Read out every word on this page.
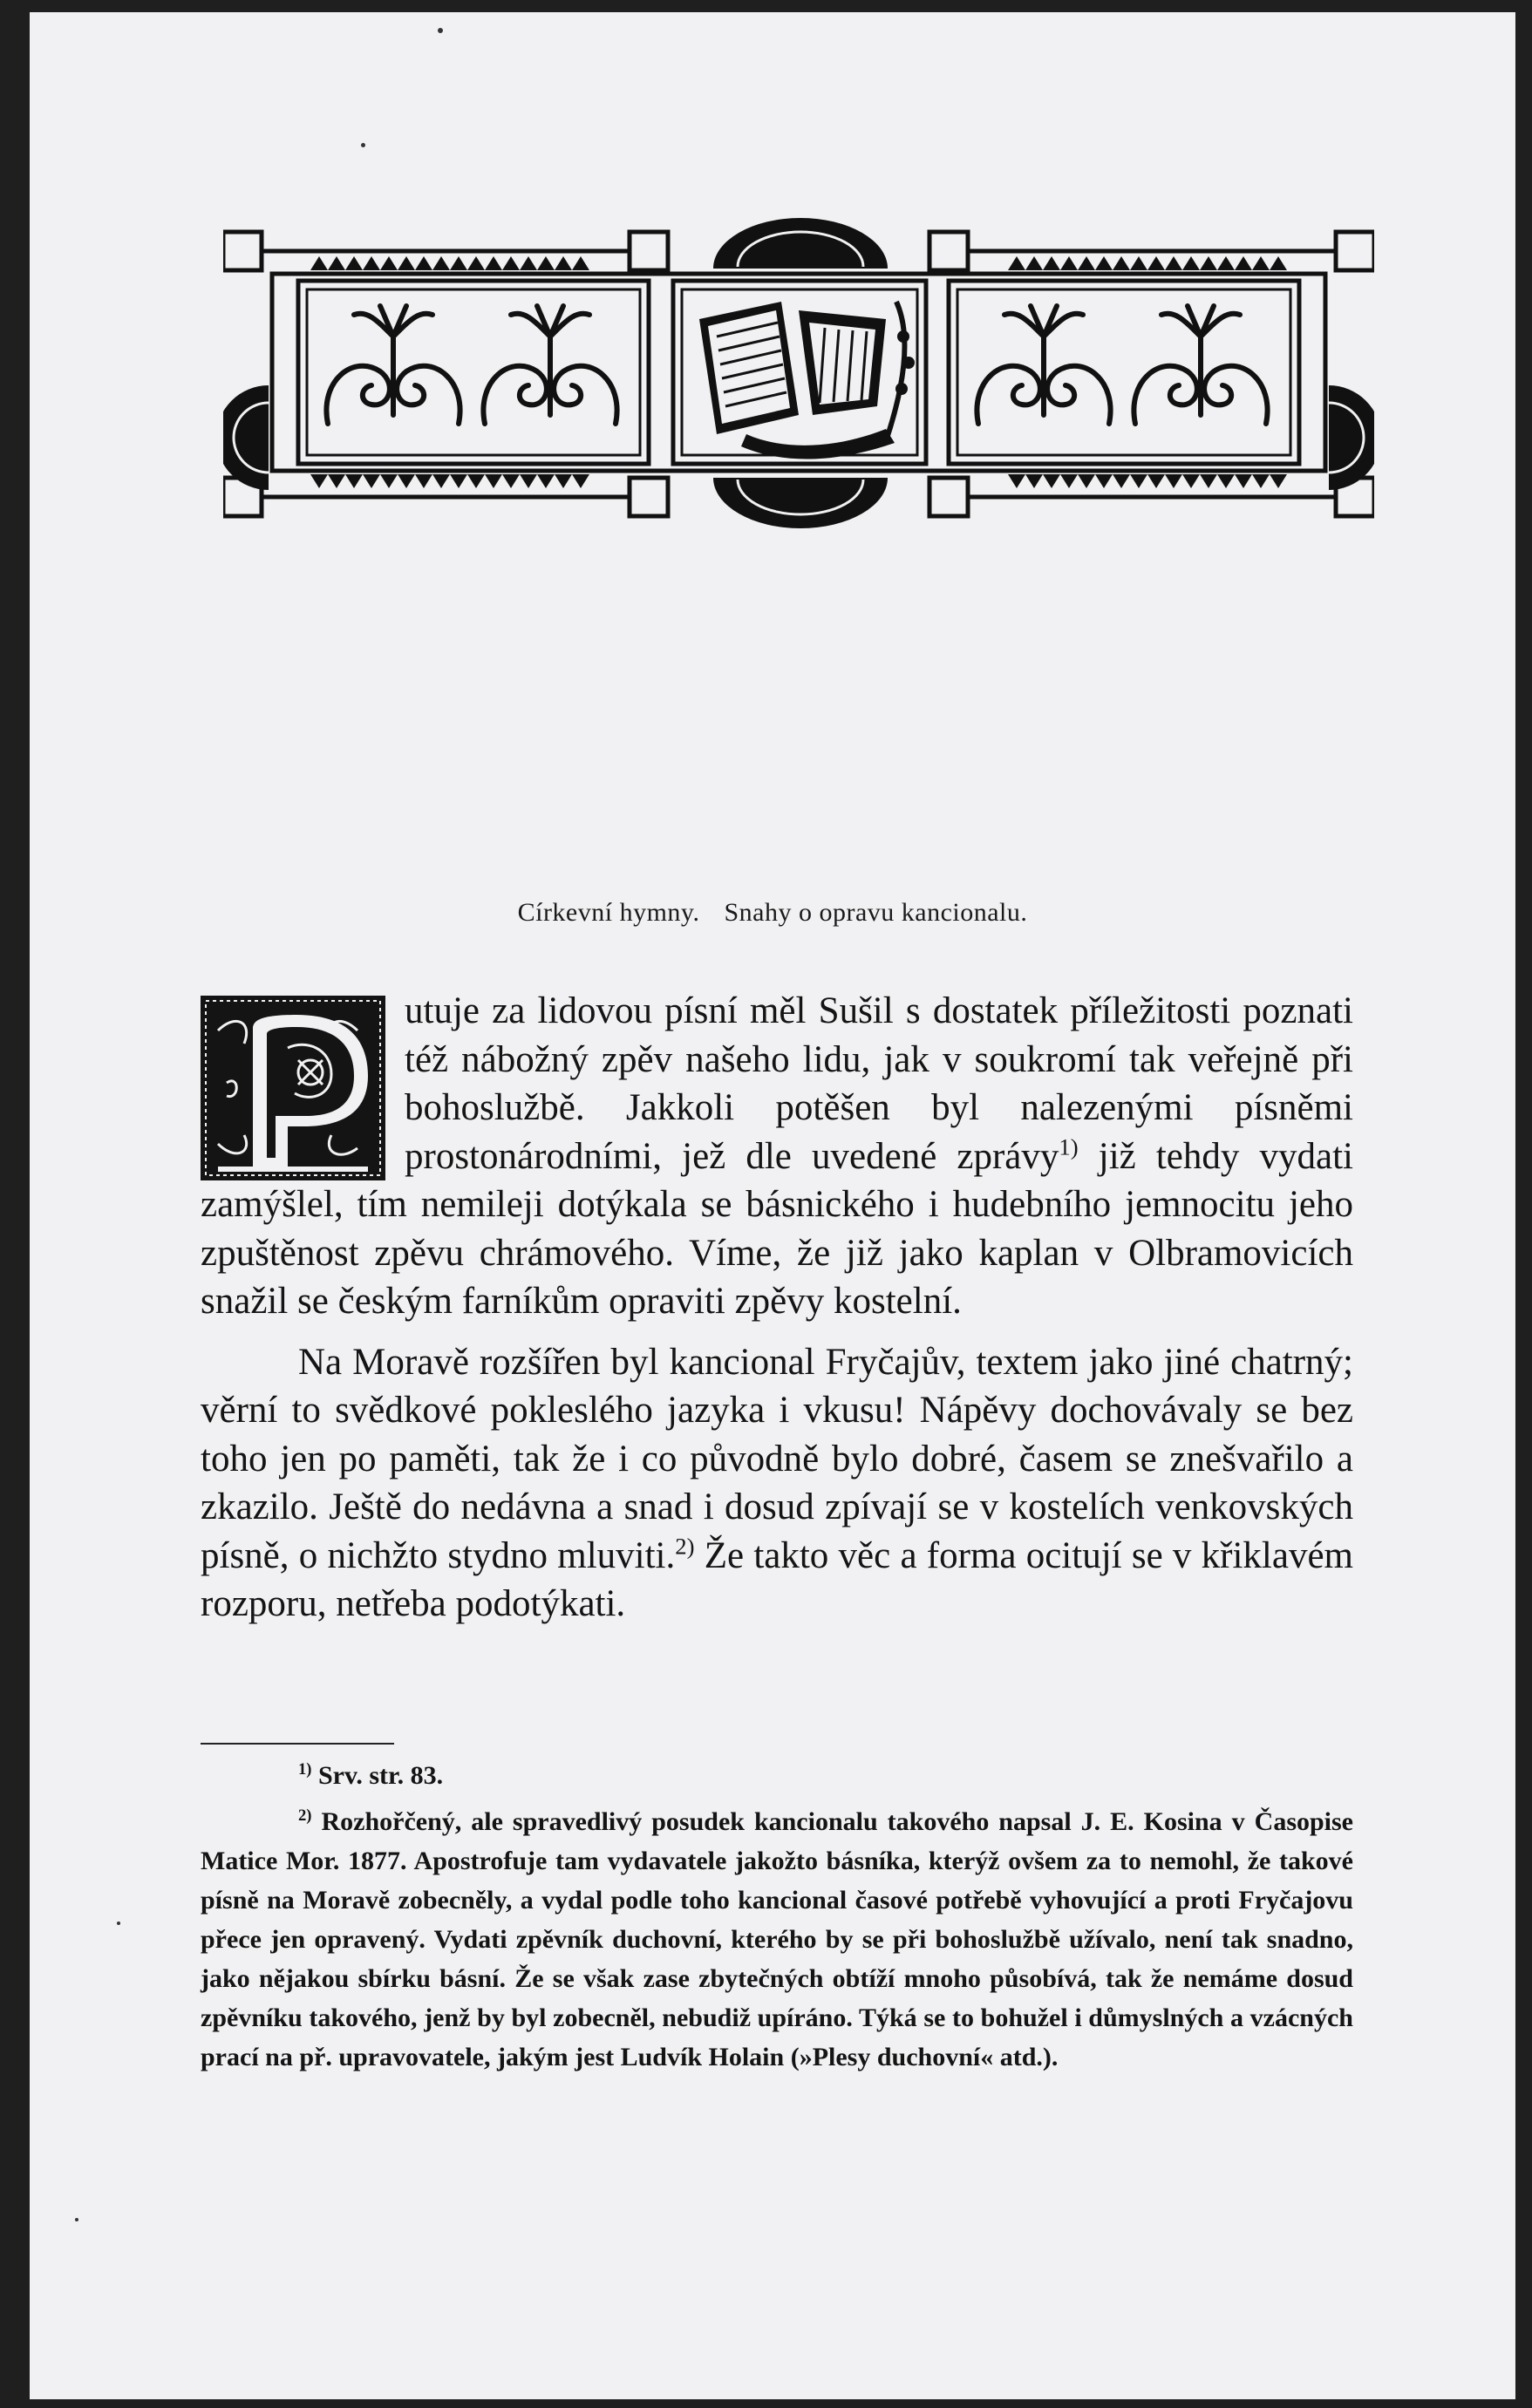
Církevní hymny. Snahy o opravu kancionalu.

utuje za lidovou písní měl Sušil s dostatek příležitosti poznati též nábožný zpěv našeho lidu, jak v soukromí tak veřejně při bohoslužbě. Jakkoli potěšen byl nalezenými písněmi prostonárodními, jež dle uvedené zprávy$^{1)}$ již tehdy vydati zamýšlel, tím nemileji dotýkala se básnického i hudebního jemnocitu jeho zpuštěnost zpěvu chrámového. Víme, že již jako kaplan v Olbramovicích snažil se českým farníkům opraviti zpěvy kostelní.

Na Moravě rozšířen byl kancional Fryčajův, textem jako jiné chatrný; věrní to svědkové pokleslého jazyka i vkusu! Nápěvy dochovávaly se bez toho jen po paměti, tak že i co původně bylo dobré, časem se znešvařilo a zkazilo. Ještě do nedávna a snad i dosud zpívají se v kostelích venkovských písně, o nichžto stydno mluviti.$^{2)}$ Že takto věc a forma ocitují se v křiklavém rozporu, netřeba podotýkati.

$^{1)}$ Srv. str. 83.

$^{2)}$ Rozhořčený, ale spravedlivý posudek kancionalu takového napsal J. E. Kosina v Časopise Matice Mor. 1877. Apostrofuje tam vydavatele jakožto básníka, kterýž ovšem za to nemohl, že takové písně na Moravě zobecněly, a vydal podle toho kancional časové potřebě vyhovující a proti Fryčajovu přece jen opravený. Vydati zpěvník duchovní, kterého by se při bohoslužbě užívalo, není tak snadno, jako nějakou sbírku básní. Že se však zase zbytečných obtíží mnoho působívá, tak že nemáme dosud zpěvníku takového, jenž by byl zobecněl, nebudiž upíráno. Týká se to bohužel i důmyslných a vzácných prací na př. upravovatele, jakým jest Ludvík Holain (»Plesy duchovní« atd.).
